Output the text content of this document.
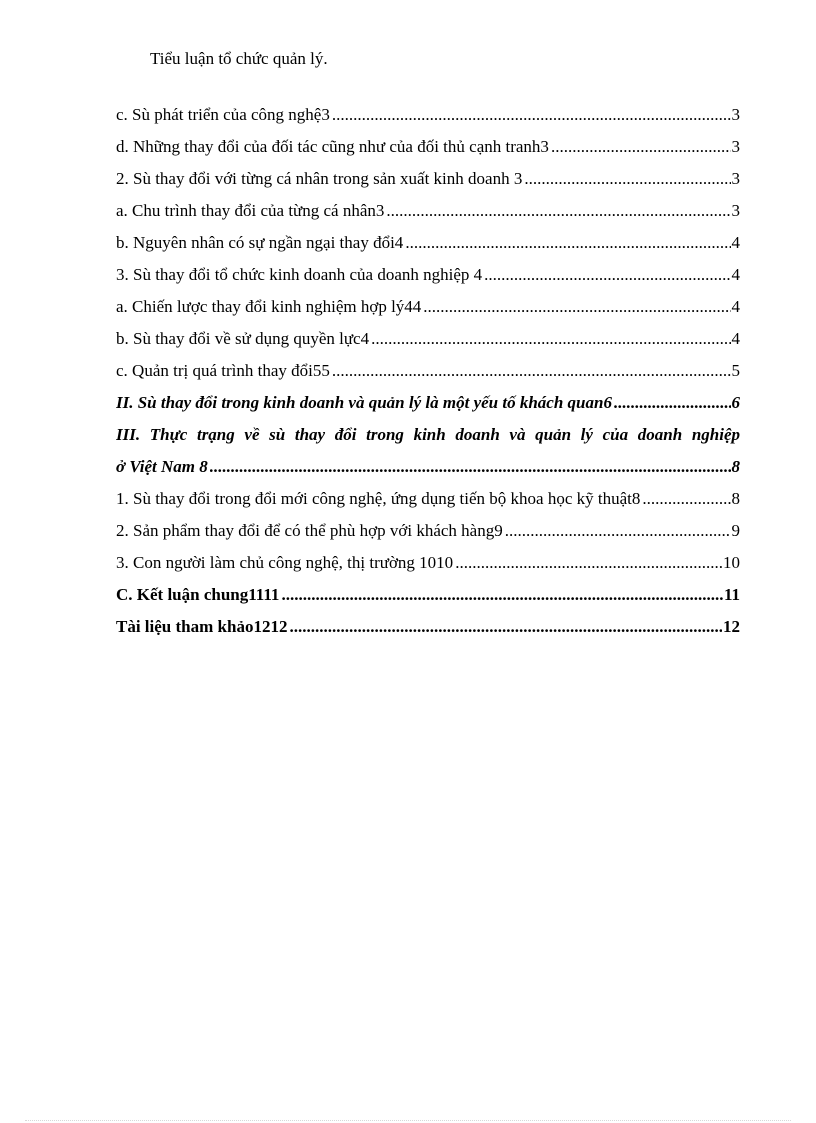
Tiểu luận tổ chức quản lý.
c. Sù phát triển của công nghệ3 .....	3
d. Những thay đổi của đối tác cũng như của đối thủ cạnh tranh3 .....	3
2. Sù thay đổi với từng cá nhân trong sản xuất kinh doanh 3 .....	3
a. Chu trình thay đổi của từng cá nhân3 .....	3
b. Nguyên nhân có sự ngần ngại thay đổi4 .....	4
3. Sù thay đổi tổ chức kinh doanh của doanh nghiệp 4 .....	4
a. Chiến lược thay đổi kinh nghiệm hợp lý44 .....	4
b. Sù thay đổi về sử dụng quyền lực4 .....	4
c. Quản trị quá trình thay đổi55 .....	5
II. Sù thay đổi trong kinh doanh và quản lý là một yếu tố khách quan6 .....	6
III. Thực trạng về sù thay đổi trong kinh doanh và quản lý của doanh nghiệp
ở Việt Nam 8 .....	8
1. Sù thay đổi trong đổi mới công nghệ, ứng dụng tiến bộ khoa học kỹ thuật8 .....	8
2. Sản phẩm thay đổi để có thể phù hợp với khách hàng9 .....	9
3. Con người làm chủ công nghệ, thị trường 1010 .....	10
C. Kết luận chung1111 .....	11
Tài liệu tham khảo1212 .....	12
